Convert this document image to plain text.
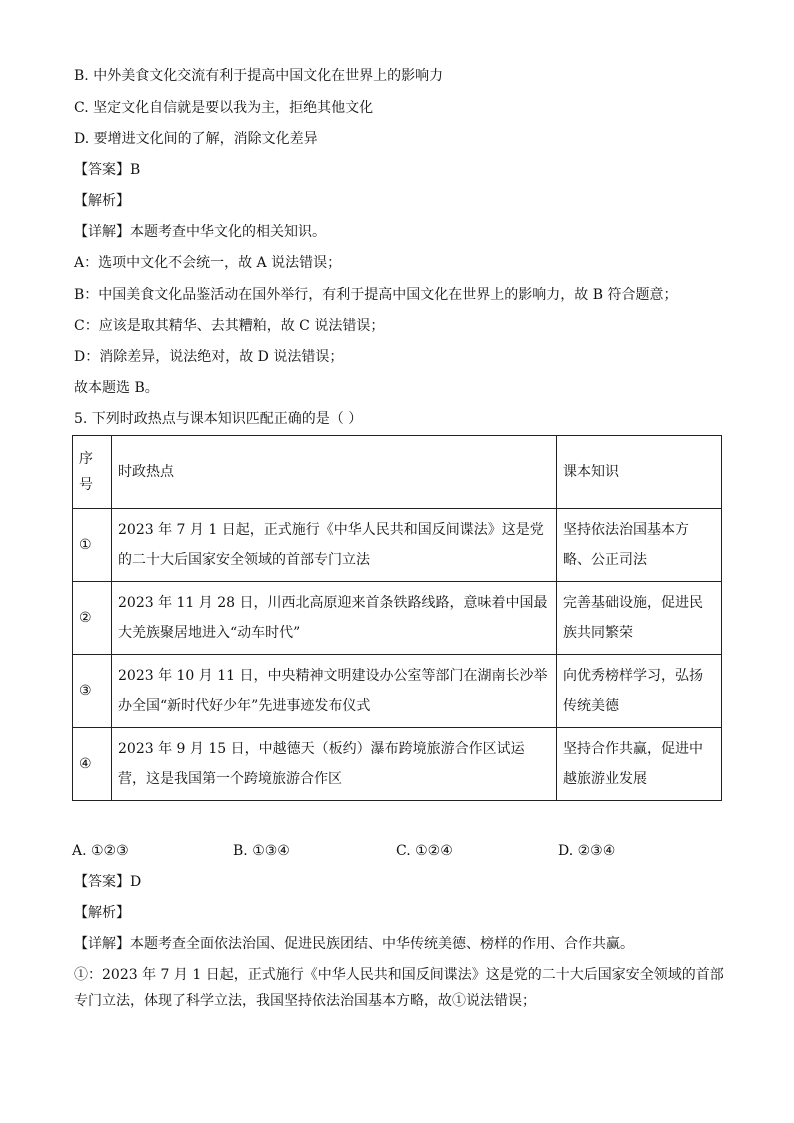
B. 中外美食文化交流有利于提高中国文化在世界上的影响力
C. 坚定文化自信就是要以我为主，拒绝其他文化
D. 要增进文化间的了解，消除文化差异
【答案】B
【解析】
【详解】本题考查中华文化的相关知识。
A：选项中文化不会统一，故 A 说法错误；
B：中国美食文化品鉴活动在国外举行，有利于提高中国文化在世界上的影响力，故 B 符合题意；
C：应该是取其精华、去其糟粕，故 C 说法错误；
D：消除差异，说法绝对，故 D 说法错误；
故本题选 B。
5. 下列时政热点与课本知识匹配正确的是（ ）
序号	时政热点	课本知识
①	2023 年 7 月 1 日起，正式施行《中华人民共和国反间谍法》这是党的二十大后国家安全领域的首部专门立法	坚持依法治国基本方略、公正司法
②	2023 年 11 月 28 日，川西北高原迎来首条铁路线路，意味着中国最大羌族聚居地进入“动车时代”	完善基础设施，促进民族共同繁荣
③	2023 年 10 月 11 日，中央精神文明建设办公室等部门在湖南长沙举办全国“新时代好少年”先进事迹发布仪式	向优秀榜样学习，弘扬传统美德
④	2023 年 9 月 15 日，中越德天（板约）瀑布跨境旅游合作区试运营，这是我国第一个跨境旅游合作区	坚持合作共赢，促进中越旅游业发展
A. ①②③	B. ①③④	C. ①②④	D. ②③④
【答案】D
【解析】
【详解】本题考查全面依法治国、促进民族团结、中华传统美德、榜样的作用、合作共赢。
①：2023 年 7 月 1 日起，正式施行《中华人民共和国反间谍法》这是党的二十大后国家安全领域的首部专门立法，体现了科学立法，我国坚持依法治国基本方略，故①说法错误；
